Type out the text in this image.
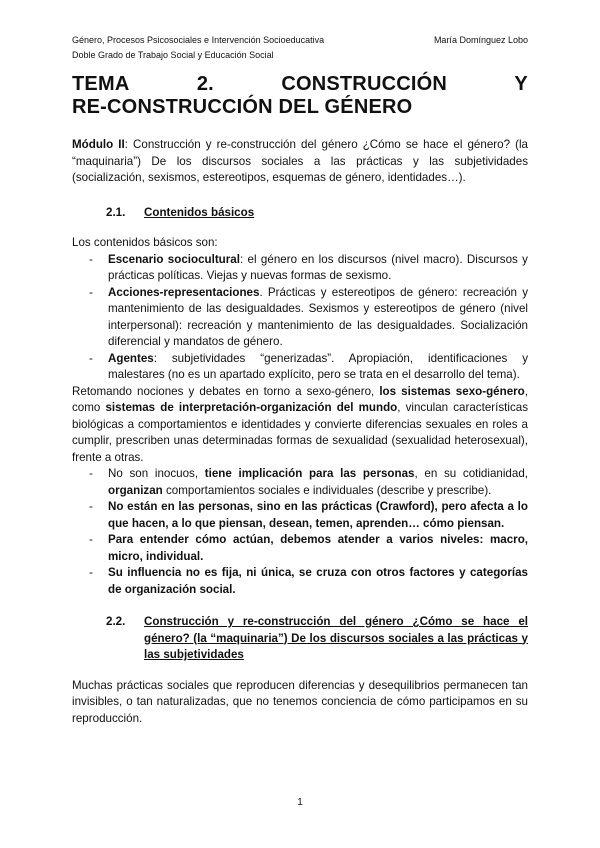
Género, Procesos Psicosociales e Intervención Socioeducativa	María Domínguez Lobo
Doble Grado de Trabajo Social y Educación Social
TEMA	2.	CONSTRUCCIÓN	Y
RE-CONSTRUCCIÓN DEL GÉNERO

Módulo II: Construcción y re-construcción del género ¿Cómo se hace el género? (la “maquinaria”) De los discursos sociales a las prácticas y las subjetividades (socialización, sexismos, estereotipos, esquemas de género, identidades…).

2.1.	Contenidos básicos

Los contenidos básicos son:

- Escenario sociocultural: el género en los discursos (nivel macro). Discursos y prácticas políticas. Viejas y nuevas formas de sexismo.
- Acciones-representaciones. Prácticas y estereotipos de género: recreación y mantenimiento de las desigualdades. Sexismos y estereotipos de género (nivel interpersonal): recreación y mantenimiento de las desigualdades. Socialización diferencial y mandatos de género.
- Agentes: subjetividades “generizadas”. Apropiación, identificaciones y malestares (no es un apartado explícito, pero se trata en el desarrollo del tema).

Retomando nociones y debates en torno a sexo-género, los sistemas sexo-género, como sistemas de interpretación-organización del mundo, vinculan características biológicas a comportamientos e identidades y convierte diferencias sexuales en roles a cumplir, prescriben unas determinadas formas de sexualidad (sexualidad heterosexual), frente a otras.

- No son inocuos, tiene implicación para las personas, en su cotidianidad, organizan comportamientos sociales e individuales (describe y prescribe).
- No están en las personas, sino en las prácticas (Crawford), pero afecta a lo que hacen, a lo que piensan, desean, temen, aprenden… cómo piensan.
- Para entender cómo actúan, debemos atender a varios niveles: macro, micro, individual.
- Su influencia no es fija, ni única, se cruza con otros factores y categorías de organización social.
2.2.	Construcción y re-construcción del género ¿Cómo se hace el género? (la “maquinaria”) De los discursos sociales a las prácticas y las subjetividades

Muchas prácticas sociales que reproducen diferencias y desequilibrios permanecen tan invisibles, o tan naturalizadas, que no tenemos conciencia de cómo participamos en su reproducción.

1
